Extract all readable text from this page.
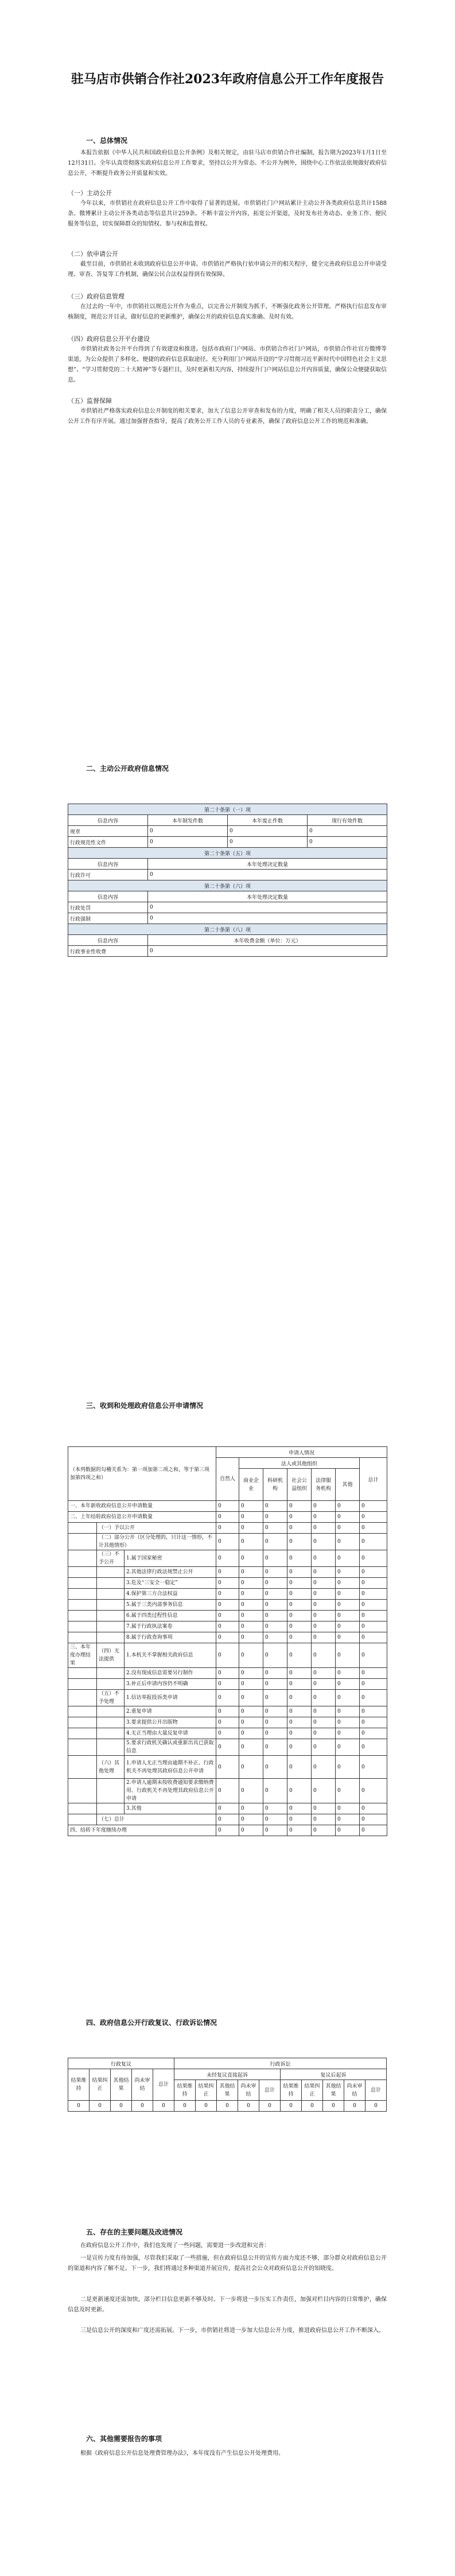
驻马店市供销合作社2023年政府信息公开工作年度报告
一、总体情况
本报告依据《中华人民共和国政府信息公开条例》及相关规定，由驻马店市供销合作社编制，报告期为2023年1月1日至12月31日。全年认真贯彻落实政府信息公开工作要求，坚持以公开为常态、不公开为例外，围绕中心工作依法依规做好政府信息公开，不断提升政务公开质量和实效。
（一）主动公开
今年以来，市供销社在政府信息公开工作中取得了显著的进展。市供销社门户网站累计主动公开各类政府信息共计1588条。微博累计主动公开各类动态等信息共计259条。不断丰富公开内容，拓宽公开渠道，及时发布社务动态、业务工作、便民服务等信息，切实保障群众的知情权、参与权和监督权。
（二）依申请公开
截至目前，市供销社未收到政府信息公开申请。市供销社严格执行依申请公开的相关程序，健全完善政府信息公开申请受理、审查、答复等工作机制，确保公民合法权益得到有效保障。
（三）政府信息管理
在过去的一年中，市供销社以规范公开作为重点，以完善公开制度为抓手，不断强化政务公开管理。严格执行信息发布审核制度，规范公开目录，做好信息的更新维护，确保公开的政府信息真实准确、及时有效。
（四）政府信息公开平台建设
市供销社政务公开平台得到了有效建设和推进。包括市政府门户网站、市供销合作社门户网站，市供销合作社官方微博等渠道，为公众提供了多样化、便捷的政府信息获取途径。充分利用门户网站开设的“学习贯彻习近平新时代中国特色社会主义思想”、“学习贯彻党的二十大精神”等专题栏目，及时更新相关内容，持续提升门户网站信息公开内容质量，确保公众便捷获取信息。
（五）监督保障
市供销社严格落实政府信息公开制度的相关要求，加大了信息公开审查和发布的力度，明确了相关人员的职责分工，确保公开工作有序开展。通过加强督查指导，提高了政务公开工作人员的专业素养，确保了政府信息公开工作的规范和准确。
二、主动公开政府信息情况
第二十条第（一）项			
信息内容	本年制发件数	本年废止件数	现行有效件数
规章	0	0	0
行政规范性文件	0	0	0
第二十条第（五）项			
信息内容	本年处理决定数量		
行政许可	0		
第二十条第（六）项			
信息内容	本年处理决定数量		
行政处罚	0		
行政强制	0		
第二十条第（八）项			
信息内容	本年收费金额（单位：万元）		
行政事业性收费	0		
三、收到和处理政府信息公开申请情况
（本列数据的勾稽关系为：第一项加第二项之和，等于第三项加第四项之和）			申请人情况						
			自然人	法人或其他组织					总计
				商业企业	科研机构	社会公益组织	法律服务机构	其他	
一、本年新收政府信息公开申请数量			0	0	0	0	0	0	0
二、上年结转政府信息公开申请数量			0	0	0	0	0	0	0
	（一）予以公开		0	0	0	0	0	0	0
	（二）部分公开（区分处理的，只计这一情形，不计其他情形）		0	0	0	0	0	0	0
	（三）不予公开	1.属于国家秘密	0	0	0	0	0	0	0
		2.其他法律行政法规禁止公开	0	0	0	0	0	0	0
		3.危及“三安全一稳定”	0	0	0	0	0	0	0
		4.保护第三方合法权益	0	0	0	0	0	0	0
		5.属于三类内部事务信息	0	0	0	0	0	0	0
		6.属于四类过程性信息	0	0	0	0	0	0	0
		7.属于行政执法案卷	0	0	0	0	0	0	0
		8.属于行政查询事项	0	0	0	0	0	0	0
三、本年度办理结果	（四）无法提供	1.本机关不掌握相关政府信息	0	0	0	0	0	0	0
		2.没有现成信息需要另行制作	0	0	0	0	0	0	0
		3.补正后申请内容仍不明确	0	0	0	0	0	0	0
	（五）不予处理	1.信访举报投诉类申请	0	0	0	0	0	0	0
		2.重复申请	0	0	0	0	0	0	0
		3.要求提供公开出版物	0	0	0	0	0	0	0
		4.无正当理由大量反复申请	0	0	0	0	0	0	0
		5.要求行政机关确认或重新出具已获取信息	0	0	0	0	0	0	0
	（六）其他处理	1.申请人无正当理由逾期不补正、行政机关不再处理其政府信息公开申请	0	0	0	0	0	0	0
		2.申请人逾期未按收费通知要求缴纳费用、行政机关不再处理其政府信息公开申请	0	0	0	0	0	0	0
		3.其他	0	0	0	0	0	0	0
	（七）总计		0	0	0	0	0	0	0
四、结转下年度继续办理			0	0	0	0	0	0	0
四、政府信息公开行政复议、行政诉讼情况
行政复议					行政诉讼									
结果维持	结果纠正	其他结果	尚未审结	总计	未经复议直接起诉					复议后起诉				
					结果维持	结果纠正	其他结果	尚未审结	总计	结果维持	结果纠正	其他结果	尚未审结	总计
0	0	0	0	0	0	0	0	0	0	0	0	0	0	0
五、存在的主要问题及改进情况
在政府信息公开工作中，我们也发现了一些问题，需要进一步改进和完善：
一是宣传力度有待加强，尽管我们采取了一些措施，但在政府信息公开的宣传方面力度还不够，部分群众对政府信息公开的渠道和内容了解不足。下一步，我们将通过多种渠道开展宣传，提高社会公众对政府信息公开的知晓度。
二是更新速度还需加快，部分栏目信息更新不够及时。下一步将进一步压实工作责任，加强对栏目内容的日常维护，确保信息及时更新。
三是信息公开的深度和广度还需拓展。下一步，市供销社将进一步加大信息公开力度，推进政府信息公开工作不断深入。
六、其他需要报告的事项
根据《政府信息公开信息处理费管理办法》，本年度没有产生信息公开处理费用。
